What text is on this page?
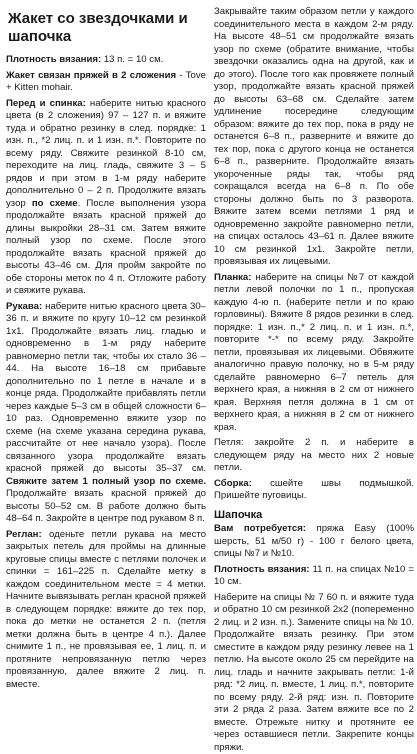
Жакет со звездочками и шапочка

Плотность вязания: 13 п. = 10 см.

Жакет связан пряжей в 2 сложения - Tove + Kitten mohair.

Перед и спинка: наберите нитью красного цвета (в 2 сложения) 97 – 127 п. и вяжите туда и обратно резинку в след. порядке: 1 изн. п., *2 лиц. п. и 1 изн. п.*. Повторите по всему ряду. Свяжите резинкой 8-10 см, переходите на лиц. гладь, свяжите 3 – 5 рядов и при этом в 1-м ряду наберите дополнительно 0 – 2 п. Продолжите вязать узор по схеме. После выполнения узора продолжайте вязать красной пряжей до длины выкройки 28–31 см. Затем вяжите полный узор по схеме. После этого продолжайте вязать красной пряжей до высоты 43–46 см. Для пройм закройте по обе стороны меток по 4 п. Отложите работу и свяжите рукава.

Рукава: наберите нитью красного цвета 30–36 п. и вяжите по кругу 10–12 см резинкой 1х1. Продолжайте вязать лиц. гладью и одновременно в 1-м ряду наберите равномерно петли так, чтобы их стало 36 – 44. На высоте 16–18 см прибавьте дополнительно по 1 петле в начале и в конце ряда. Продолжайте прибавлять петли через каждые 5–3 см в общей сложности 6–10 раз. Одновременно вяжите узор по схеме (на схеме указана середина рукава, рассчитайте от нее начало узора). После связанного узора продолжайте вязать красной пряжей до высоты 35–37 см. Свяжите затем 1 полный узор по схеме. Продолжайте вязать красной пряжей до высоты 50–52 см. В работе должно быть 48–64 п. Закройте в центре под рукавом 8 п.

Реглан: оденьте петли рукава на место закрытых петель для проймы на длинные круговые спицы вместе с петлями полочек и спинки = 161–225 п. Сделайте метку в каждом соединительном месте = 4 метки. Начните вывязывать реглан красной пряжей в следующем порядке: вяжите до тех пор, пока до метки не останется 2 п. (петля метки должна быть в центре 4 п.). Далее снимите 1 п., не провязывая ее, 1 лиц. п. и протяните непровязанную петлю через провязанную, далее вяжите 2 лиц. п. вместе.

Закрывайте таким образом петли у каждого соединительного места в каждом 2-м ряду. На высоте 48–51 см продолжайте вязать узор по схеме (обратите внимание, чтобы звездочки оказались одна на другой, как и до этого). После того как провяжете полный узор, продолжайте вязать красной пряжей до высоты 63–68 см. Сделайте затем удлинение посередине следующим образом: вяжите до тех пор, пока в ряду не останется 6–8 п., разверните и вяжите до тех пор, пока с другого конца не останется 6–8 п., разверните. Продолжайте вязать укороченные ряды так, чтобы ряд сокращался всегда на 6–8 п. По обе стороны должно быть по 3 разворота. Вяжите затем всеми петлями 1 ряд и одновременно закройте равномерно петли, на спицах осталось 43–61 п. Далее вяжите 10 см резинкой 1х1. Закройте петли, провязывая их лицевыми.

Планка: наберите на спицы №7 от каждой петли левой полочки по 1 п., пропуская каждую 4-ю п. (наберите петли и по краю горловины). Вяжите 8 рядов резинки в след. порядке: 1 изн. п.,* 2 лиц. п. и 1 изн. п.*, повторите *-* по всему ряду. Закройте петли, провязывая их лицевыми. Обвяжите аналогично правую полочку, но в 5-м ряду сделайте равномерно 6–7 петель для верхнего края, а нижняя в 2 см от нижнего края. Верхняя петля должна в 1 см от верхнего края, а нижняя в 2 см от нижнего края.

Петля: закройте 2 п. и наберите в следующем ряду на место них 2 новые петли.

Сборка: сшейте швы подмышкой. Пришейте пуговицы.

Шапочка

Вам потребуется: пряжа Easy (100% шерсть, 51 м/50 г) - 100 г белого цвета, спицы №7 и №10.

Плотность вязания: 11 п. на спицах №10 = 10 см.

Наберите на спицы № 7 60 п. и вяжите туда и обратно 10 см резинкой 2х2 (попеременно 2 лиц. и 2 изн. п.). Замените спицы на № 10. Продолжайте вязать резинку. При этом сместите в каждом ряду резинку левее на 1 петлю. На высоте около 25 см перейдите на лиц. гладь и начните закрывать петли: 1-й ряд: *2 лиц. п. вместе, 1 лиц. п.*, повторите по всему ряду. 2-й ряд: изн. п. Повторите эти 2 ряда 2 раза. Затем вяжите все по 2 вместе. Отрежьте нитку и протяните ее через оставшиеся петли. Закрепите концы пряжи.
